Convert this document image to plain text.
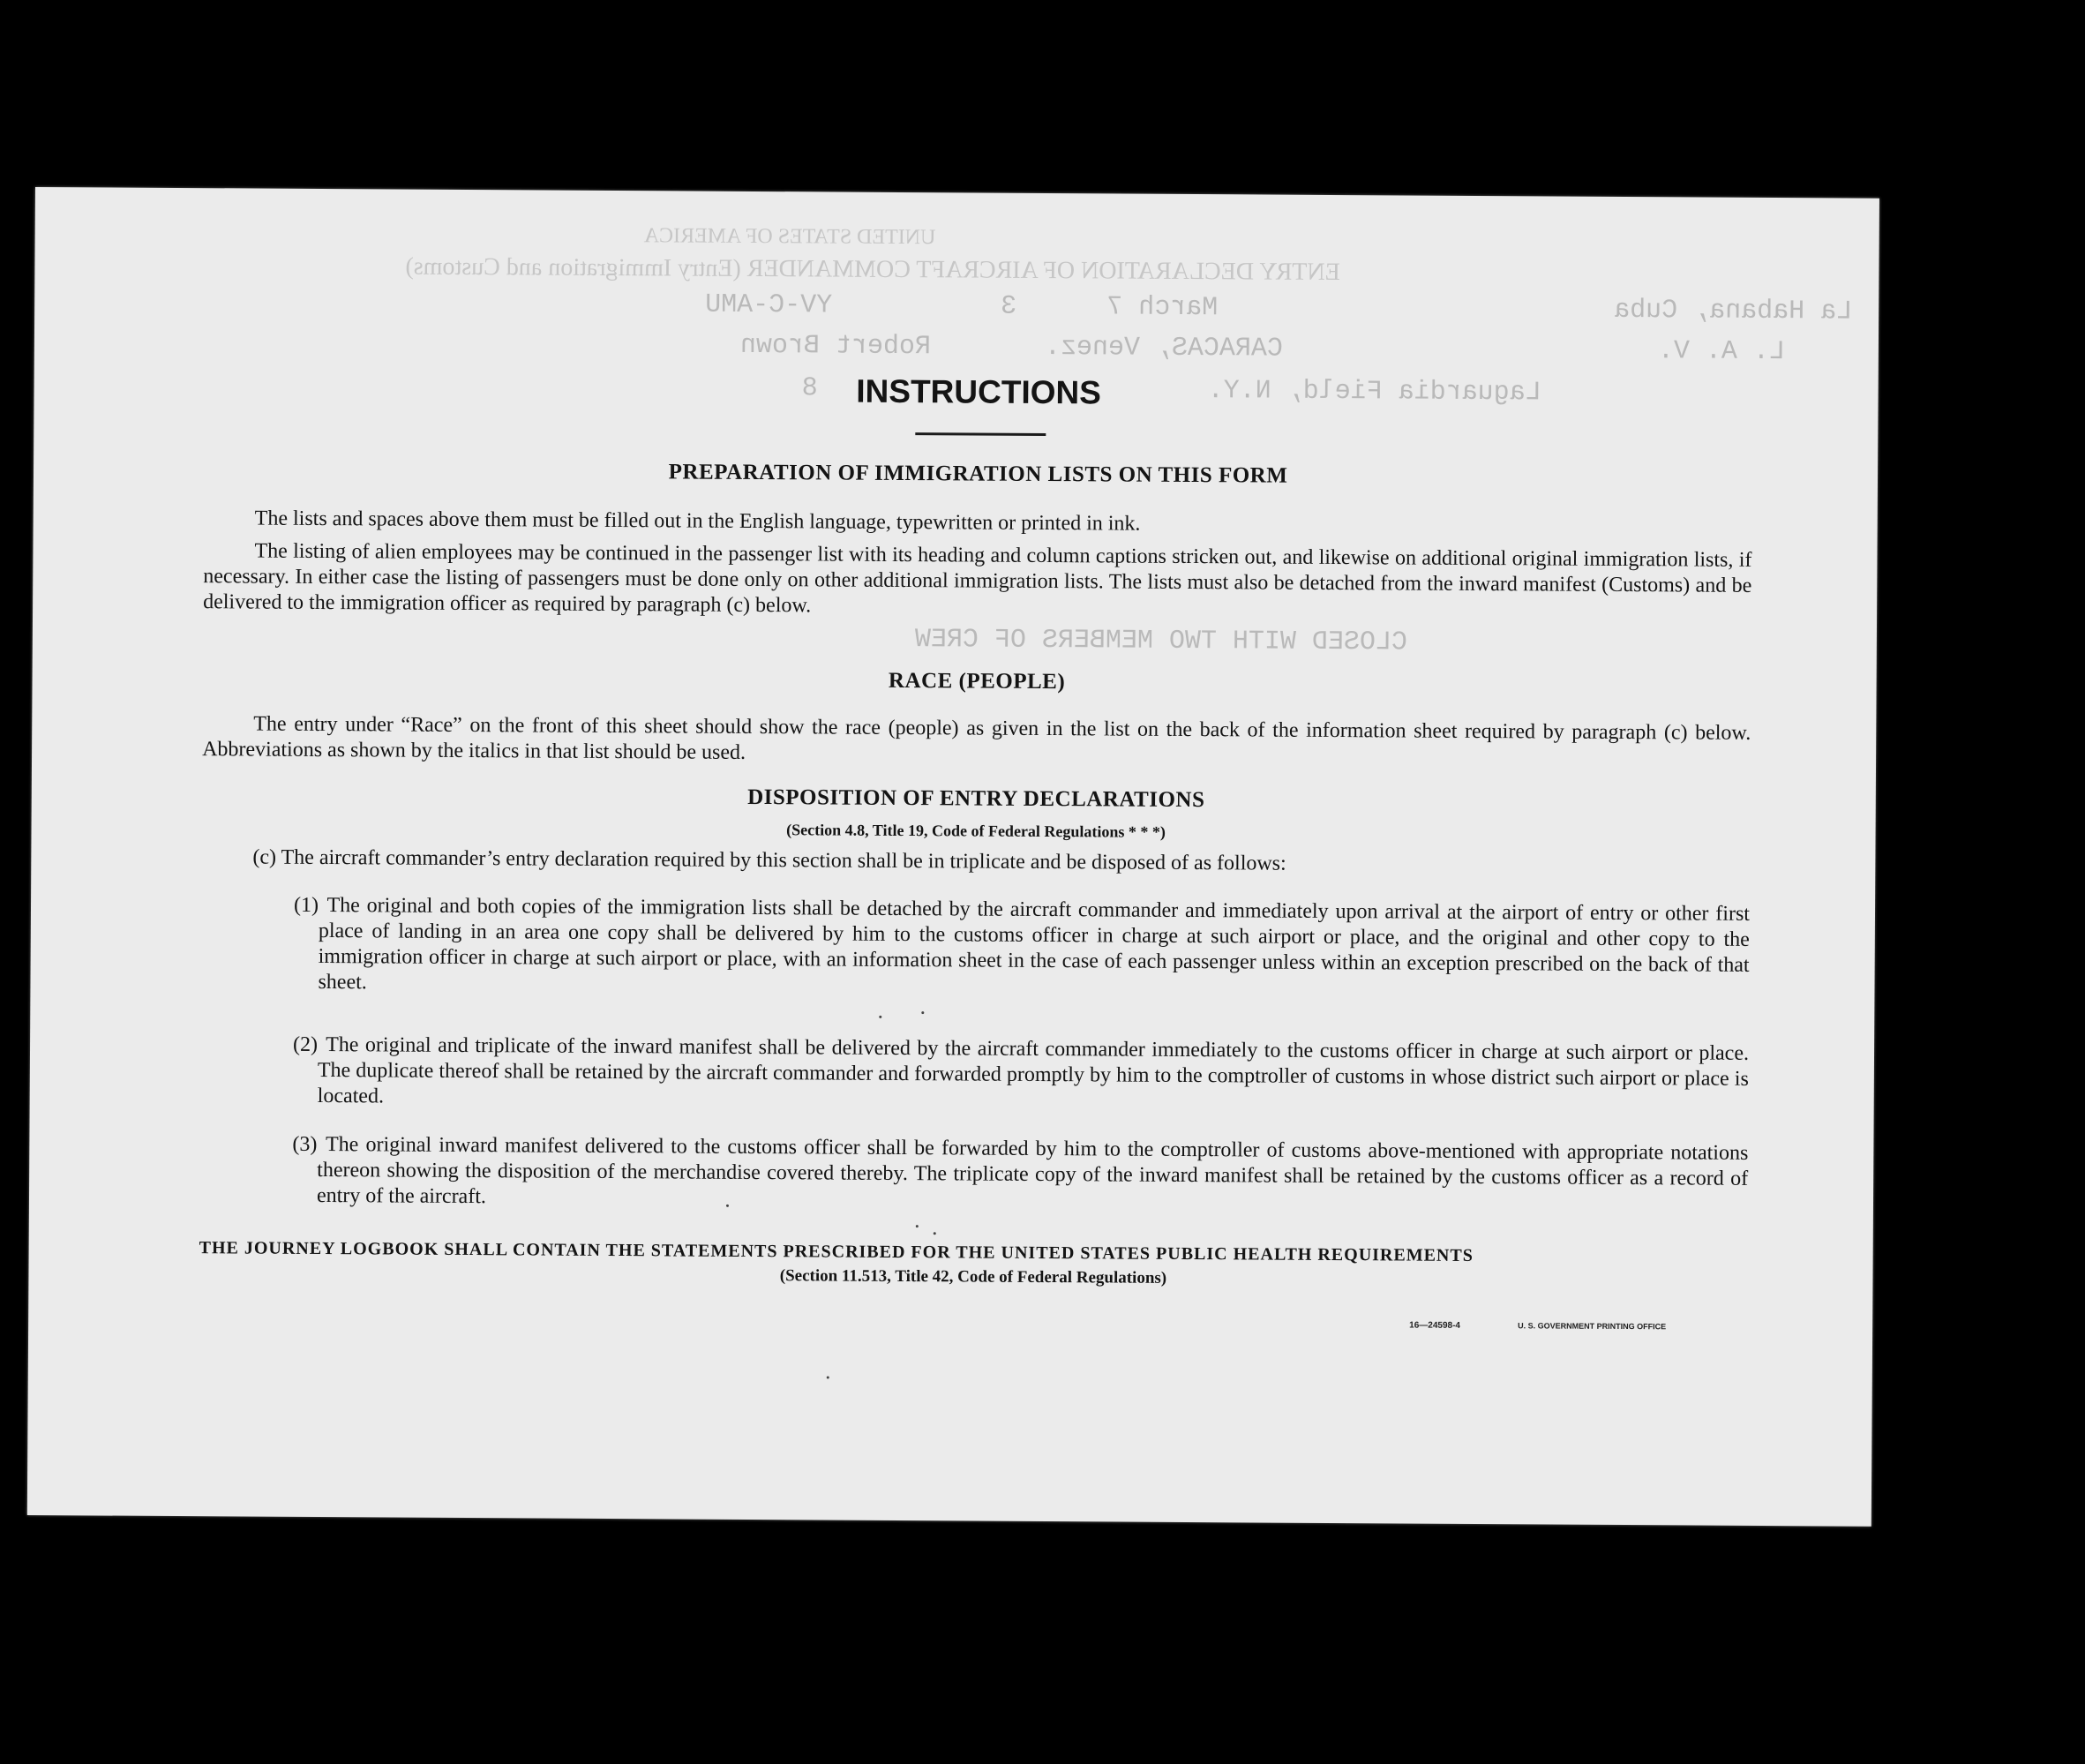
UNITED STATES OF AMERICA
ENTRY DECLARATION OF AIRCRAFT COMMANDER (Entry Immigration and Customs)
La Habana, Cuba
March 7
3
YV-C-AMU
L. A. V.
CARACAS, Venez.
Robert Brown
Laguardia Field, N.Y.
8
CLOSED WITH TWO MEMBERS OF CREW
INSTRUCTIONS
PREPARATION OF IMMIGRATION LISTS ON THIS FORM
The lists and spaces above them must be filled out in the English language, typewritten or printed in ink.
The listing of alien employees may be continued in the passenger list with its heading and column captions stricken out, and likewise on additional original immigration lists, if necessary. In either case the listing of passengers must be done only on other additional immigration lists. The lists must also be detached from the inward manifest (Customs) and be delivered to the immigration officer as required by paragraph (c) below.
RACE (PEOPLE)
The entry under “Race” on the front of this sheet should show the race (people) as given in the list on the back of the information sheet required by paragraph (c) below. Abbreviations as shown by the italics in that list should be used.
DISPOSITION OF ENTRY DECLARATIONS
(Section 4.8, Title 19, Code of Federal Regulations * * *)
(c) The aircraft commander’s entry declaration required by this section shall be in triplicate and be disposed of as follows:
(1) The original and both copies of the immigration lists shall be detached by the aircraft commander and immediately upon arrival at the airport of entry or other first place of landing in an area one copy shall be delivered by him to the customs officer in charge at such airport or place, and the original and other copy to the immigration officer in charge at such airport or place, with an information sheet in the case of each passenger unless within an exception prescribed on the back of that sheet.
(2) The original and triplicate of the inward manifest shall be delivered by the aircraft commander immediately to the customs officer in charge at such airport or place. The duplicate thereof shall be retained by the aircraft commander and forwarded promptly by him to the comptroller of customs in whose district such airport or place is located.
(3) The original inward manifest delivered to the customs officer shall be forwarded by him to the comptroller of customs above-mentioned with appropriate notations thereon showing the disposition of the merchandise covered thereby. The triplicate copy of the inward manifest shall be retained by the customs officer as a record of entry of the aircraft.
THE JOURNEY LOGBOOK SHALL CONTAIN THE STATEMENTS PRESCRIBED FOR THE UNITED STATES PUBLIC HEALTH REQUIREMENTS
(Section 11.513, Title 42, Code of Federal Regulations)
16—24598-4	U. S. GOVERNMENT PRINTING OFFICE
